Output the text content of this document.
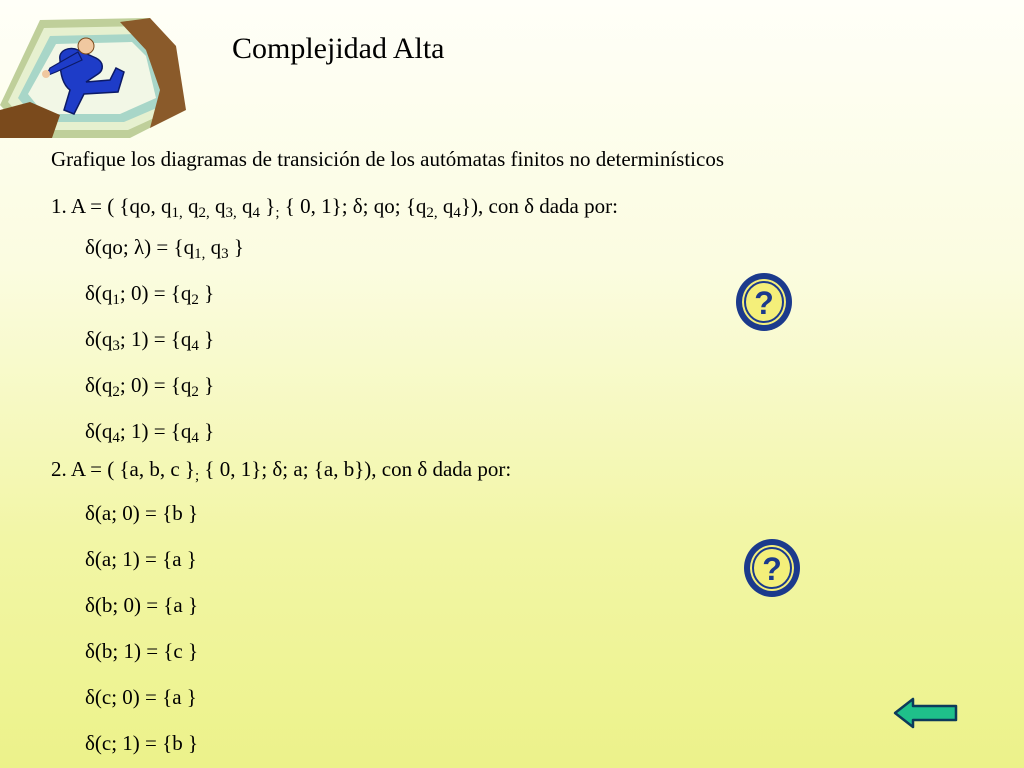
Complejidad Alta
Grafique los diagramas de transición de los autómatas finitos no determinísticos
1. A = ( {qo, $q_{1,}$ $q_{2,}$ $q_{3,}$ $q_4$ }$_;$ { 0, 1}; δ; qo; {$q_{2,}$ $q_4$}), con δ dada por:
δ(qo; $\lambda) = \{q_{1,}$ $q_3$ }
$\delta(q_1$; $0) = \{q_2$ }
$\delta(q_3$; $1) = \{q_4$ }
$\delta(q_2$; $0) = \{q_2$ }
$\delta(q_4$; $1) = \{q_4$ }
2. A = ( {a, b, c }$_;$ { 0, 1}; δ; a; {a, b}), con δ dada por:
δ(a; 0) = {b }
δ(a; 1) = {a }
δ(b; 0) = {a }
δ(b; 1) = {c }
δ(c; 0) = {a }
δ(c; 1) = {b }
?
?
